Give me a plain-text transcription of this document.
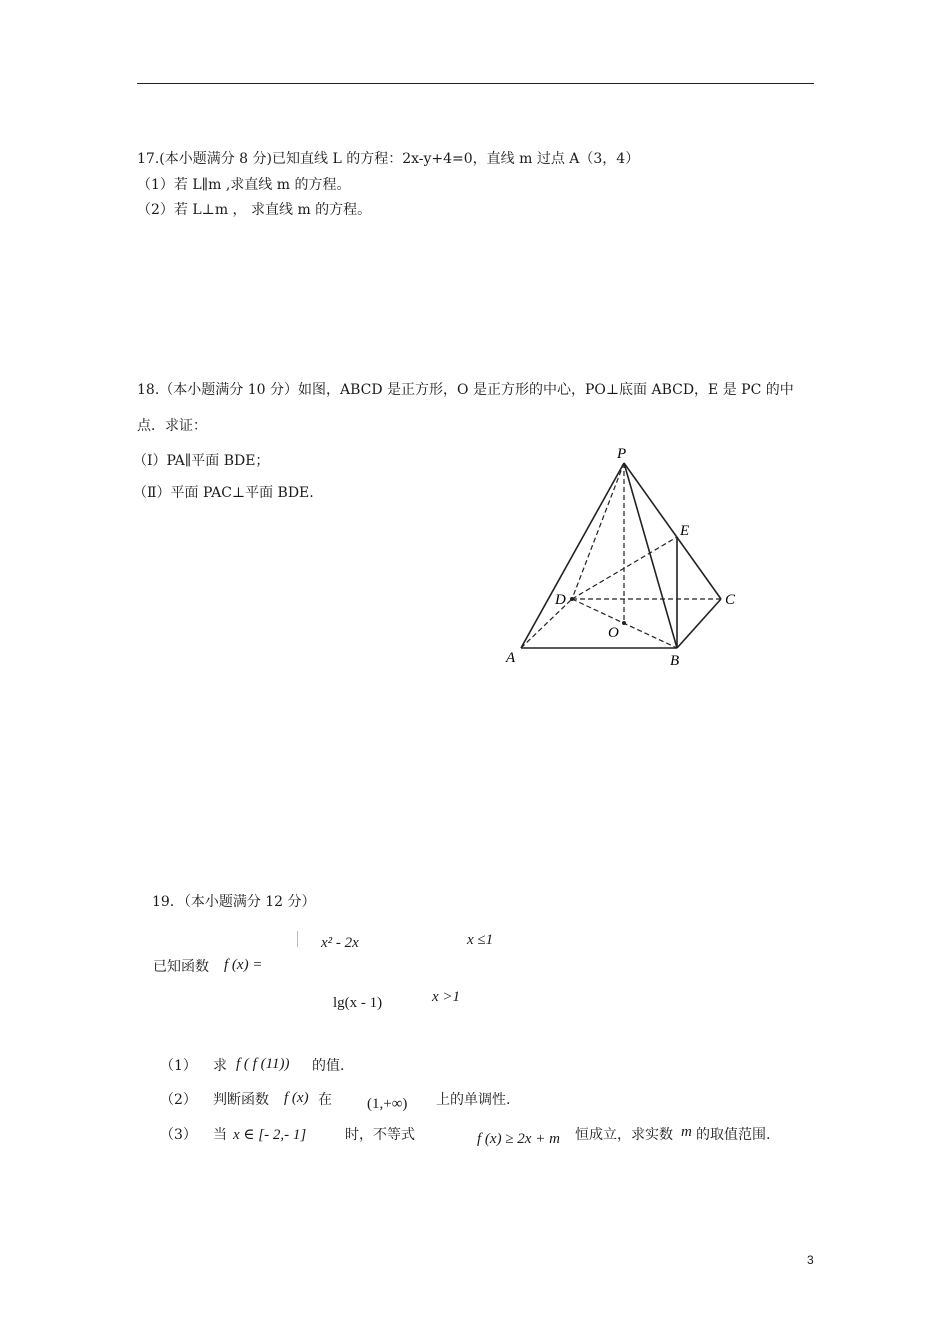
17.(本小题满分 8 分)已知直线 L 的方程：2x-y+4=0，直线 m 过点 A（3，4）
（1）若 L∥m ,求直线 m 的方程。
（2）若 L⊥m ， 求直线 m 的方程。
18.（本小题满分 10 分）如图，ABCD 是正方形，O 是正方形的中心，PO⊥底面 ABCD，E 是 PC 的中
点．求证：
（Ⅰ）PA∥平面 BDE；
（Ⅱ）平面 PAC⊥平面 BDE.
P
E
D	C
O
A	B
19．（本小题满分 12 分）
x² - 2x	x ≤1
已知函数 f (x) =
lg(x - 1)	x >1
（1） 求 f ( f (11)) 的值.
（2） 判断函数 f (x) 在 (1,+∞) 上的单调性.
（3） 当 x ∈ [- 2,- 1]	时，不等式	f (x) ≥ 2x + m 恒成立，求实数 m 的取值范围.
3
